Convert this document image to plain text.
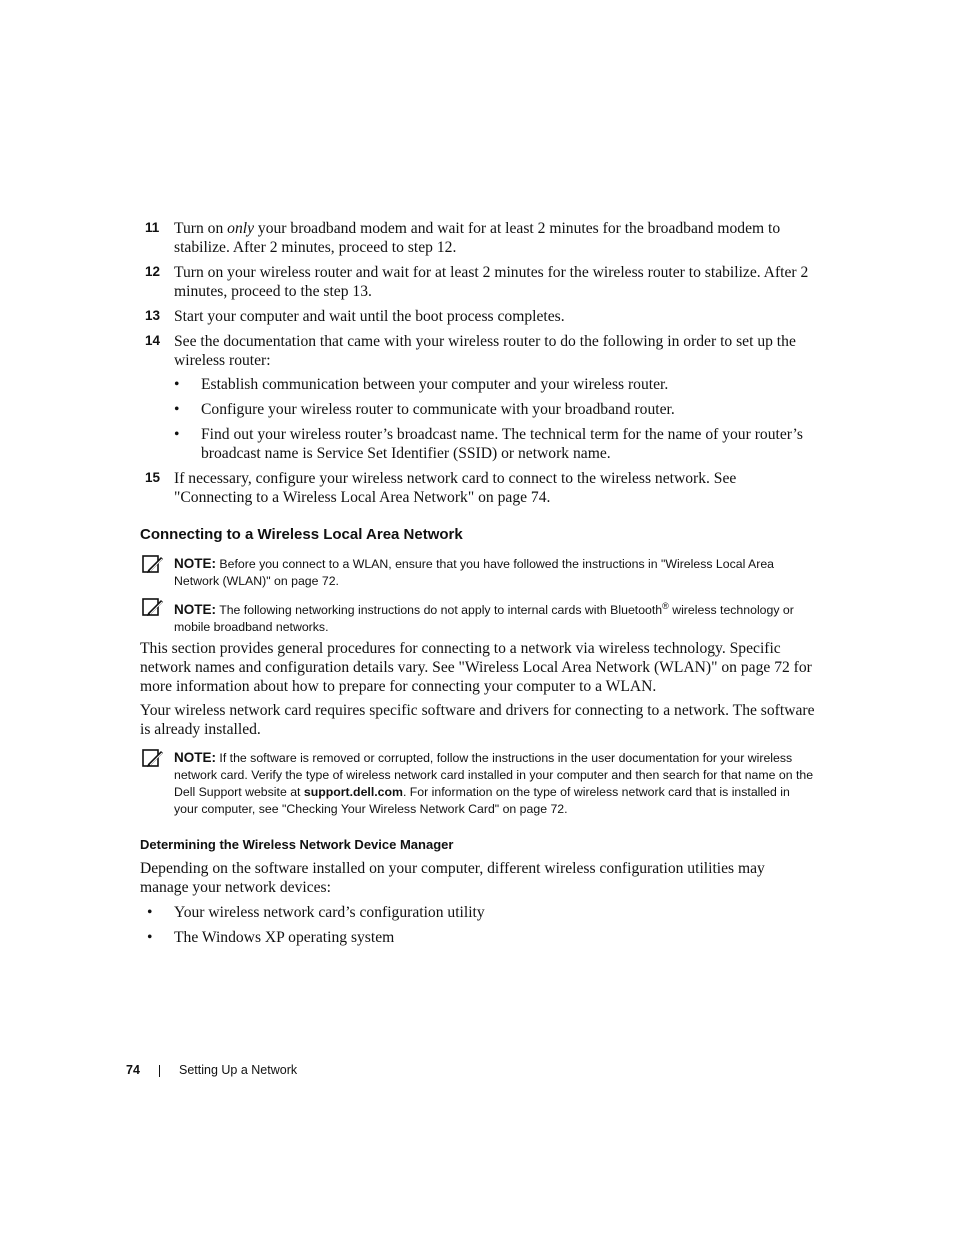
11 Turn on only your broadband modem and wait for at least 2 minutes for the broadband modem to stabilize. After 2 minutes, proceed to step 12.
12 Turn on your wireless router and wait for at least 2 minutes for the wireless router to stabilize. After 2 minutes, proceed to the step 13.
13 Start your computer and wait until the boot process completes.
14 See the documentation that came with your wireless router to do the following in order to set up the wireless router:
• Establish communication between your computer and your wireless router.
• Configure your wireless router to communicate with your broadband router.
• Find out your wireless router’s broadcast name. The technical term for the name of your router’s broadcast name is Service Set Identifier (SSID) or network name.
15 If necessary, configure your wireless network card to connect to the wireless network. See "Connecting to a Wireless Local Area Network" on page 74.
Connecting to a Wireless Local Area Network
NOTE: Before you connect to a WLAN, ensure that you have followed the instructions in "Wireless Local Area Network (WLAN)" on page 72.
NOTE: The following networking instructions do not apply to internal cards with Bluetooth® wireless technology or mobile broadband networks.
This section provides general procedures for connecting to a network via wireless technology. Specific network names and configuration details vary. See "Wireless Local Area Network (WLAN)" on page 72 for more information about how to prepare for connecting your computer to a WLAN.
Your wireless network card requires specific software and drivers for connecting to a network. The software is already installed.
NOTE: If the software is removed or corrupted, follow the instructions in the user documentation for your wireless network card. Verify the type of wireless network card installed in your computer and then search for that name on the Dell Support website at support.dell.com. For information on the type of wireless network card that is installed in your computer, see "Checking Your Wireless Network Card" on page 72.
Determining the Wireless Network Device Manager
Depending on the software installed on your computer, different wireless configuration utilities may manage your network devices:
• Your wireless network card’s configuration utility
• The Windows XP operating system
74	Setting Up a Network
